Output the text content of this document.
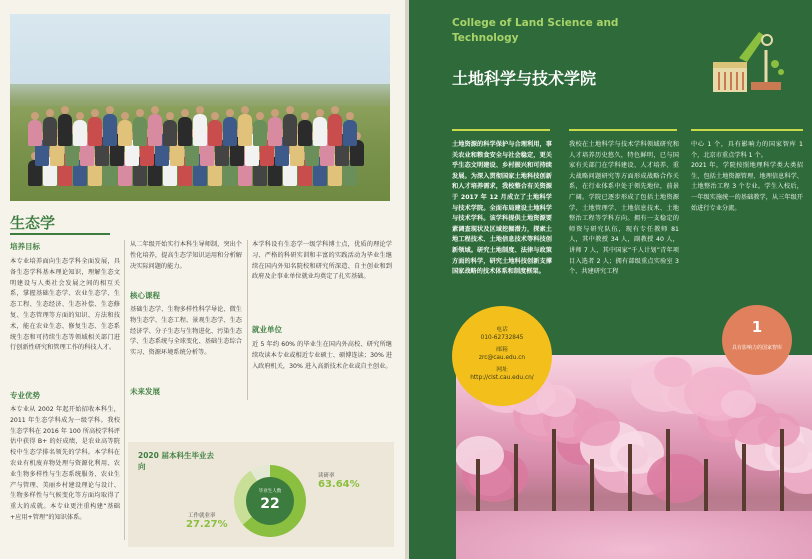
生态学
培养目标
本专业培养面向生态学科全面发展，具备生态学科基本理论知识，理解生态文明建设与人类社会发展之间的相互关系，掌握基础生态学、农业生态学、生态工程、生态经济、生态补偿、生态修复、生态管理等方面的知识、方法和技术，能在农业生态、修复生态、生态系统生态和可持续生态等领域相关部门进行创新性研究和管理工作的科技人才。
专业优势
本专业从 2002 年起开始招收本科生，2011 年生态学科成为一级学科。我校生态学科在 2016 年 100 所高校学科评估中获得 B+ 的好成绩，是农业高等院校中生态学排名领先的学科。本学科在农业有机废弃物处理与资源化利用、农业生物多样性与生态系统服务、农业生产与管理、美丽乡村建设理论与设计、生物多样性与气候变化等方面均取得了重大的成就。本专业更注重构建“基础+应用+管理”的知识体系。
从二年级开始实行本科生导师制，突出个性化培养，提高生态学知识运用和分析解决实际问题的能力。
核心课程
基础生态学、生物多样性科学导论、微生物生态学、生态工程、景观生态学、生态经济学、分子生态与生物进化、污染生态学、生态系统与全球变化、基础生态综合实习、资源环境系统分析等。
未来发展
本学科设有生态学一级学科博士点，优质的理论学习、严格的科研实训和丰富的实践活动为毕业生继续在国内外知名院校和研究所深造、自主创业和到政府及企事业单位就业均奠定了扎实基础。
就业单位
近 5 年约 60% 的毕业生在国内外高校、研究所继续攻读本专业或相近专业硕士、硕博连读；30% 进入政府机关，30% 进入高新技术企业或自主创业。
2020 届本科生毕业去向
毕业生人数
22
读研率
63.64%
工作就业率
27.27%
College of Land Science and Technology
土地科学与技术学院
土地资源的科学保护与合理利用，事关农业和粮食安全与社会稳定，更关乎生态文明建设、乡村振兴和可持续发展。为深入贯彻国家土地科技创新和人才培养需求，我校整合有关资源于 2017 年 12 月成立了土地科学与技术学院。全面布局建设土地科学与技术学科。该学科提供土地资源要素调查现状及区域挖掘潜力，探索土地工程技术、土地信息技术等科技创新领域。研究土地制度、法律与政策方面的科学，研究土地科技创新支撑国家战略的技术体系和制度框架。
我校在土地科学与技术学科领域研究和人才培养历史悠久，特色鲜明，已与国家有关部门在学科建设、人才培养、重大战略问题研究等方面形成战略合作关系，在行业体系中处于领先地位，前景广阔。学院已逐步形成了包括土地资源学、土地管理学、土地信息技术、土地整治工程等学科方向。拥有一支稳定的师资与研究队伍，现有专任教师 81 人，其中教授 34 人，副教授 40 人，讲师 7 人，其中国家“千人计划”青年项目入选者 2 人；拥有部级重点实验室 3 个、共建研究工程
中心 1 个，具有影响力的国家智库 1 个，北京市重点学科 1 个。
2021 年，学院按照地理科学类大类招生，包括土地资源管理、地理信息科学、土地整治工程 3 个专业。学生入校后，一年级实施统一的基础教学，从三年级开始进行专业分流。
电话
010-62732845
邮箱
zrc@cau.edu.cn
网址
http://clst.cau.edu.cn/
1
具有影响力的国家智库
